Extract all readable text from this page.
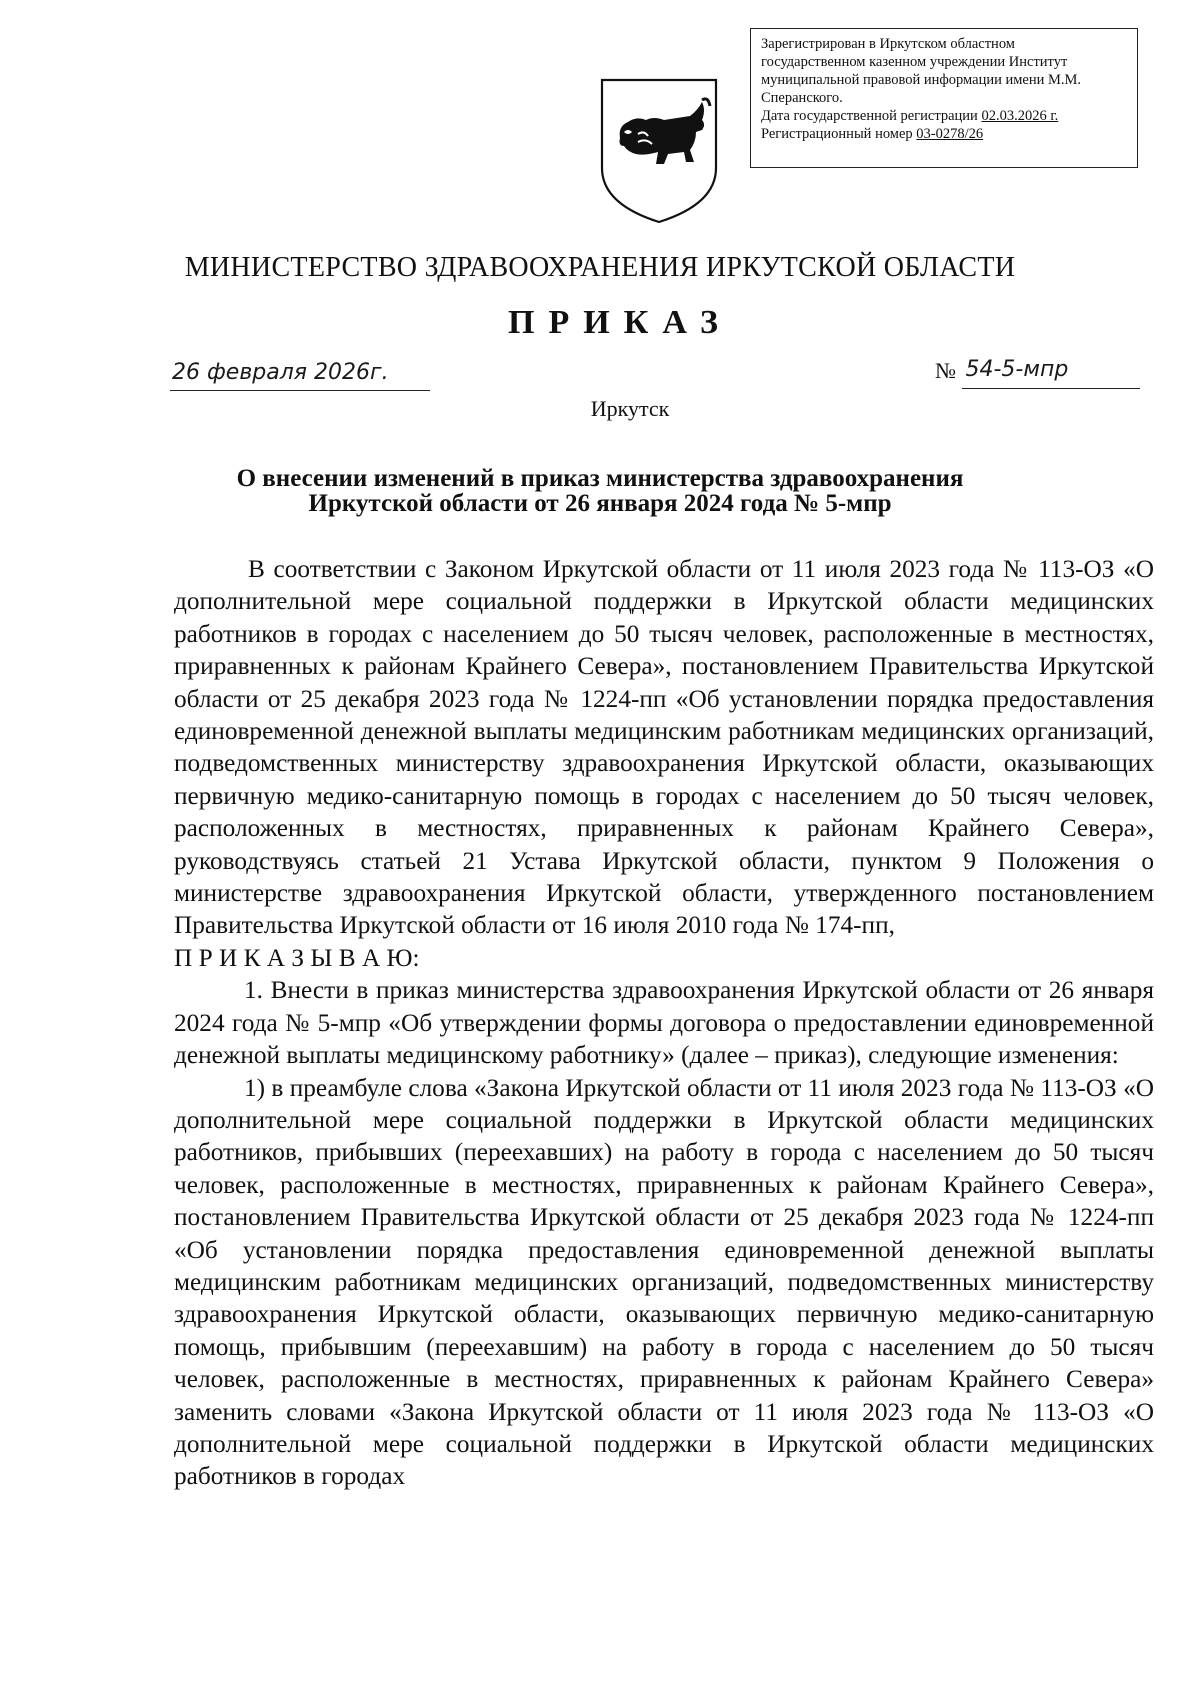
Зарегистрирован в Иркутском областном
государственном казенном учреждении Институт
муниципальной правовой информации имени М.М.
Сперанского.
Дата государственной регистрации 02.03.2026 г.
Регистрационный номер 03-0278/26
МИНИСТЕРСТВО ЗДРАВООХРАНЕНИЯ ИРКУТСКОЙ ОБЛАСТИ
ПРИКАЗ
26 февраля 2026г.	№ 54-5-мпр
Иркутск
О внесении изменений в приказ министерства здравоохранения
Иркутской области от 26 января 2024 года № 5-мпр

В соответствии с Законом Иркутской области от 11 июля 2023 года № 113-ОЗ «О дополнительной мере социальной поддержки в Иркутской области медицинских работников в городах с населением до 50 тысяч человек, расположенные в местностях, приравненных к районам Крайнего Севера», постановлением Правительства Иркутской области от 25 декабря 2023 года № 1224-пп «Об установлении порядка предоставления единовременной денежной выплаты медицинским работникам медицинских организаций, подведомственных министерству здравоохранения Иркутской области, оказывающих первичную медико-санитарную помощь в городах с населением до 50 тысяч человек, расположенных в местностях, приравненных к районам Крайнего Севера», руководствуясь статьей 21 Устава Иркутской области, пунктом 9 Положения о министерстве здравоохранения Иркутской области, утвержденного постановлением Правительства Иркутской области от 16 июля 2010 года № 174-пп,

П Р И К А З Ы В А Ю:

1. Внести в приказ министерства здравоохранения Иркутской области от 26 января 2024 года № 5-мпр «Об утверждении формы договора о предоставлении единовременной денежной выплаты медицинскому работнику» (далее – приказ), следующие изменения:

1) в преамбуле слова «Закона Иркутской области от 11 июля 2023 года № 113-ОЗ «О дополнительной мере социальной поддержки в Иркутской области медицинских работников, прибывших (переехавших) на работу в города с населением до 50 тысяч человек, расположенные в местностях, приравненных к районам Крайнего Севера», постановлением Правительства Иркутской области от 25 декабря 2023 года № 1224-пп «Об установлении порядка предоставления единовременной денежной выплаты медицинским работникам медицинских организаций, подведомственных министерству здравоохранения Иркутской области, оказывающих первичную медико-санитарную помощь, прибывшим (переехавшим) на работу в города с населением до 50 тысяч человек, расположенные в местностях, приравненных к районам Крайнего Севера» заменить словами «Закона Иркутской области от 11 июля 2023 года № 113-ОЗ «О дополнительной мере социальной поддержки в Иркутской области медицинских работников в городах
